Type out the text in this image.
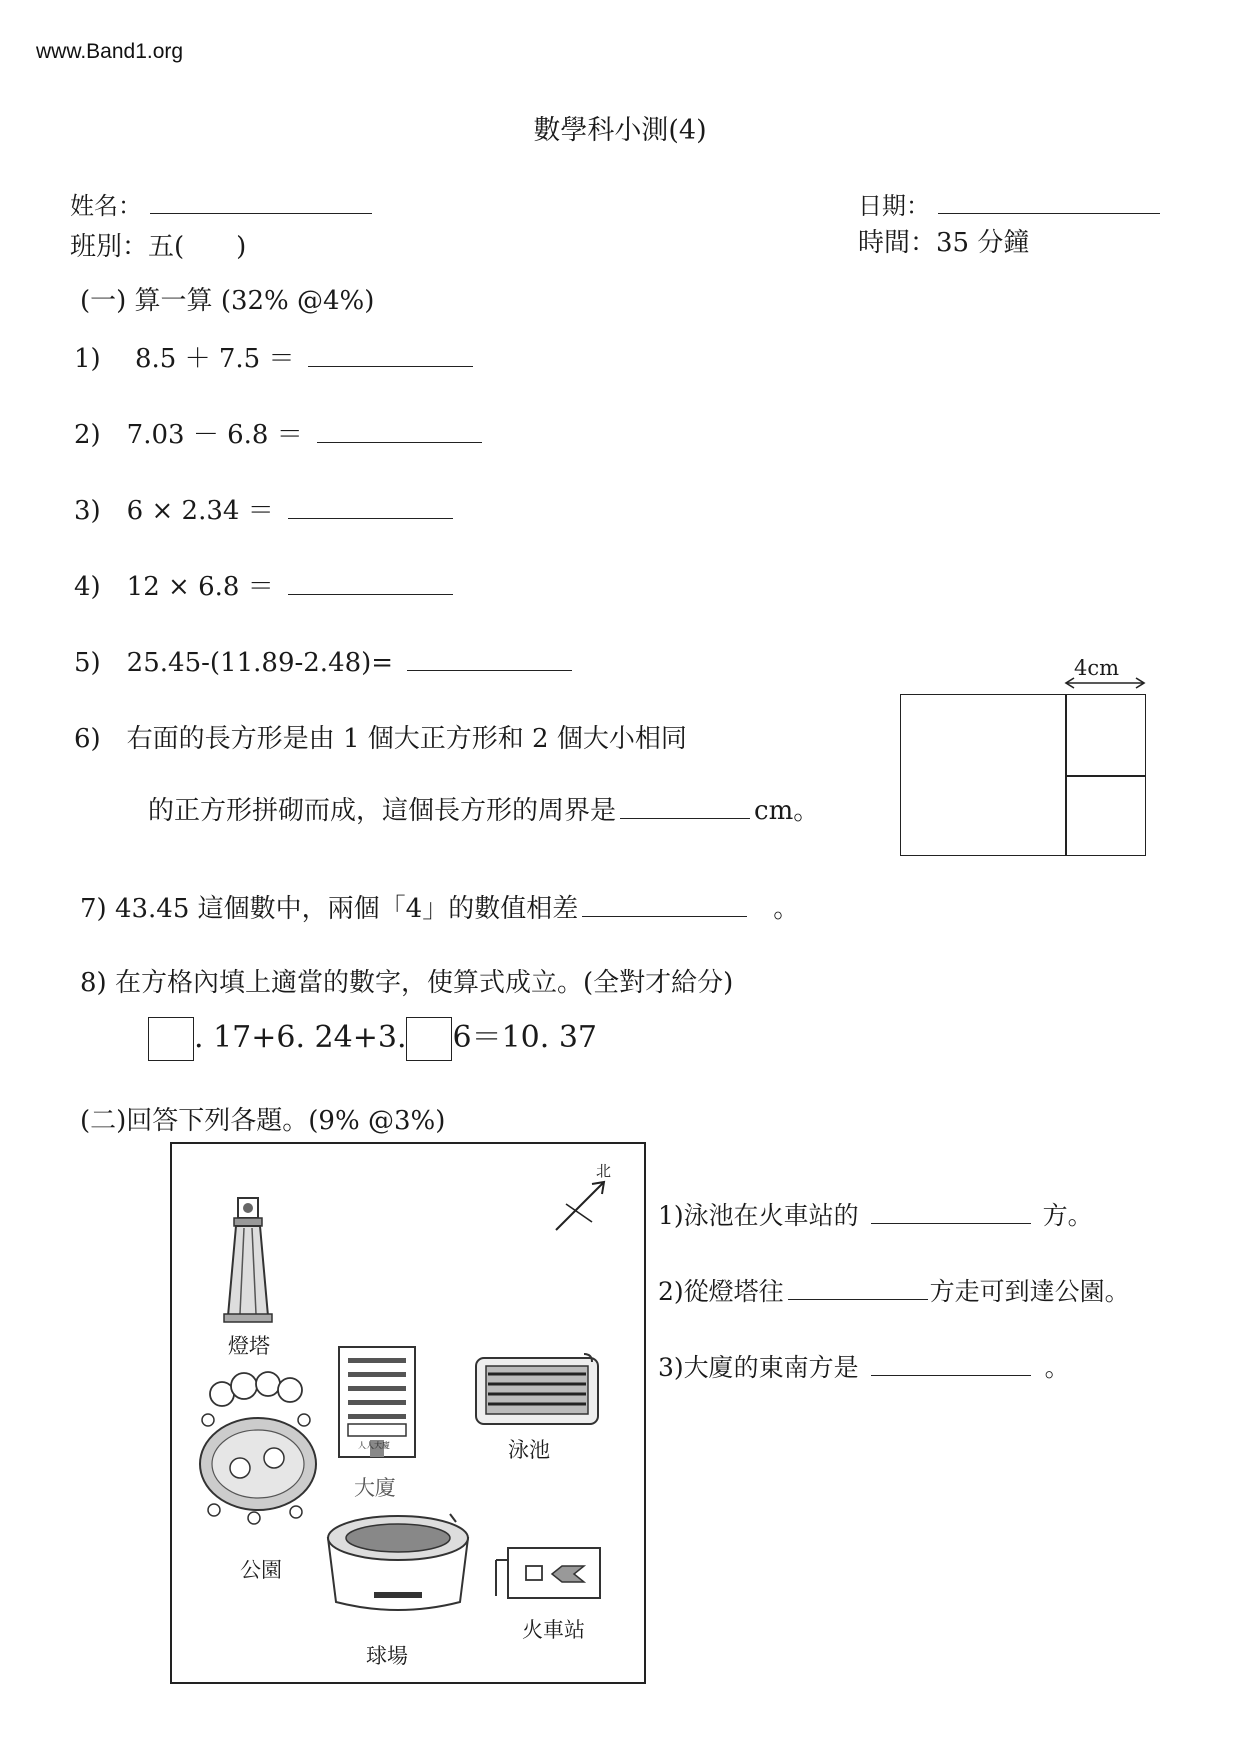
www.Band1.org
數學科小測(4)
姓名：	日期：
班別：五(　　)	時間：35 分鐘
(一) 算一算 (32% @4%)
1)　 8.5 ＋ 7.5 ＝
2)　7.03 － 6.8 ＝
3)　6 × 2.34 ＝
4)　12 × 6.8 ＝
5)　25.45-(11.89-2.48)=
6)　右面的長方形是由 1 個大正方形和 2 個大小相同
的正方形拼砌而成，這個長方形的周界是	cm。
4cm
7) 43.45 這個數中，兩個「4」的數值相差	。
8) 在方格內填上適當的數字，使算式成立。(全對才給分)
. 17+6. 24+3. 6＝10. 37
(二)回答下列各題。(9% @3%)
北
燈塔
人人大廈
大廈
泳池
公園
球場
火車站
1)泳池在火車站的	方。
2)從燈塔往	方走可到達公園。
3)大廈的東南方是	。
